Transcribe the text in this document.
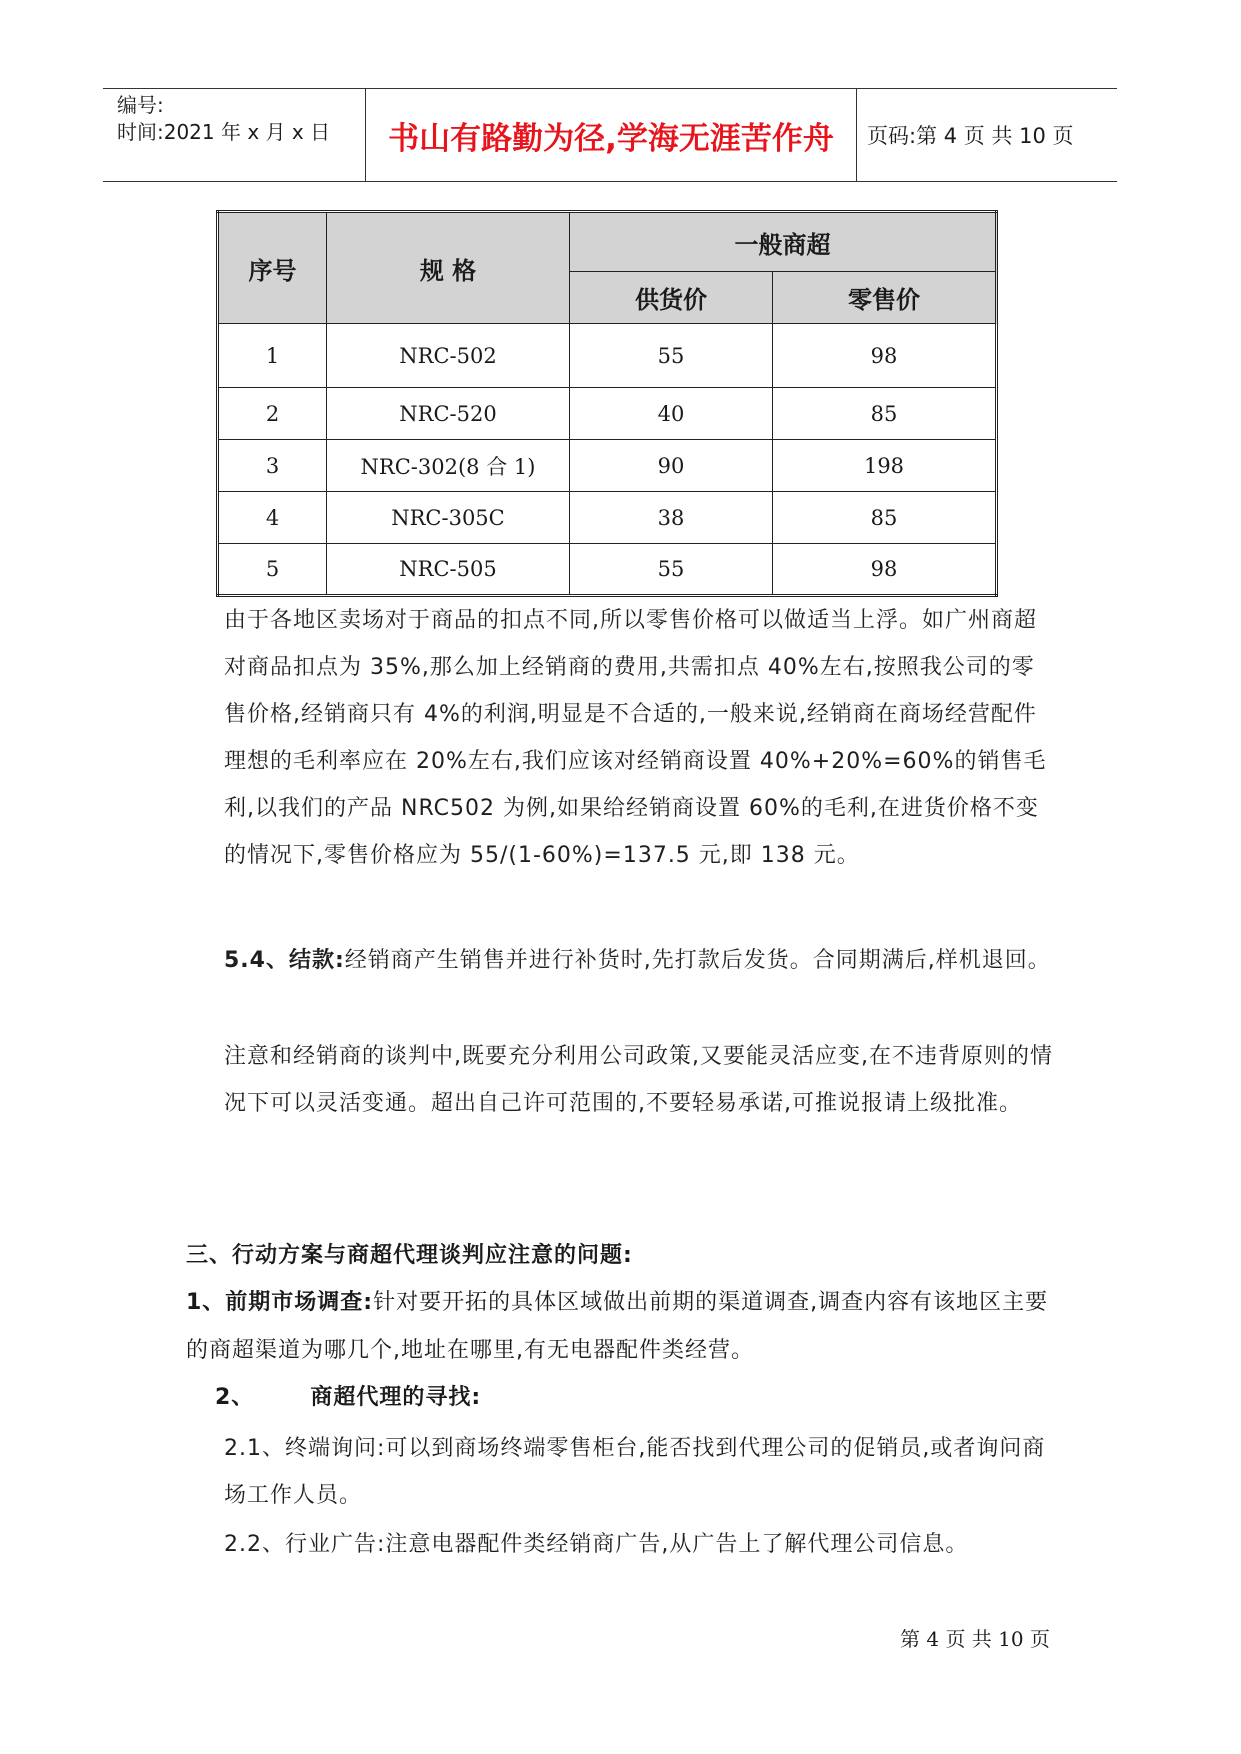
编号:
时间:2021 年 x 月 x 日	书山有路勤为径,学海无涯苦作舟	页码:第 4 页 共 10 页
序号	规 格	一般商超	
		供货价	零售价
1	NRC-502	55	98
2	NRC-520	40	85
3	NRC-302(8 合 1)	90	198
4	NRC-305C	38	85
5	NRC-505	55	98

由于各地区卖场对于商品的扣点不同,所以零售价格可以做适当上浮。如广州商超对商品扣点为 35%,那么加上经销商的费用,共需扣点 40%左右,按照我公司的零售价格,经销商只有 4%的利润,明显是不合适的,一般来说,经销商在商场经营配件理想的毛利率应在 20%左右,我们应该对经销商设置 40%+20%=60%的销售毛利,以我们的产品 NRC502 为例,如果给经销商设置 60%的毛利,在进货价格不变的情况下,零售价格应为 55/(1-60%)=137.5 元,即 138 元。

5.4、结款:经销商产生销售并进行补货时,先打款后发货。合同期满后,样机退回。

注意和经销商的谈判中,既要充分利用公司政策,又要能灵活应变,在不违背原则的情况下可以灵活变通。超出自己许可范围的,不要轻易承诺,可推说报请上级批准。

三、行动方案与商超代理谈判应注意的问题:

1、前期市场调查:针对要开拓的具体区域做出前期的渠道调查,调查内容有该地区主要的商超渠道为哪几个,地址在哪里,有无电器配件类经营。

2、	商超代理的寻找:

2.1、终端询问:可以到商场终端零售柜台,能否找到代理公司的促销员,或者询问商场工作人员。

2.2、行业广告:注意电器配件类经销商广告,从广告上了解代理公司信息。

第 4 页 共 10 页
